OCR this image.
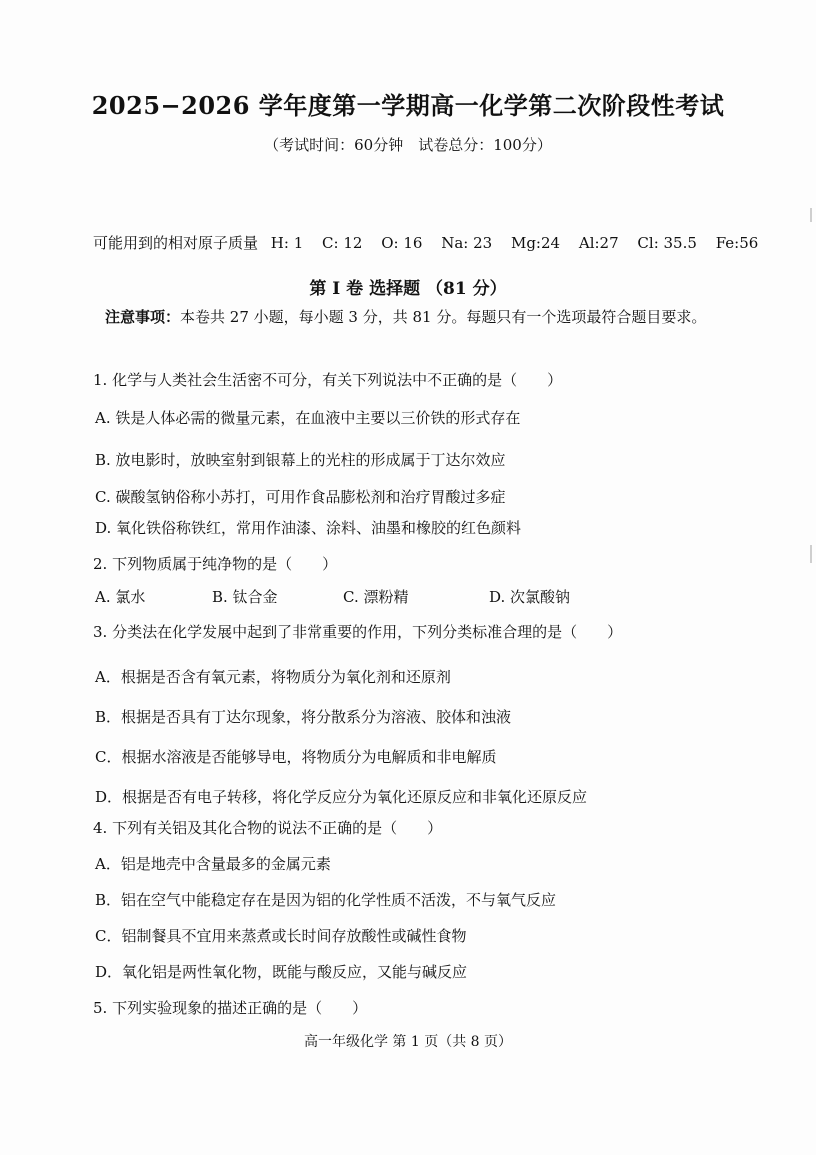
2025−2026 学年度第一学期高一化学第二次阶段性考试
（考试时间：60分钟　试卷总分：100分）
可能用到的相对原子质量 H: 1 C: 12 O: 16 Na: 23 Mg:24 Al:27 Cl: 35.5 Fe:56
第 I 卷 选择题 （81 分）
注意事项：本卷共 27 小题，每小题 3 分，共 81 分。每题只有一个选项最符合题目要求。
1. 化学与人类社会生活密不可分，有关下列说法中不正确的是（　　）
A. 铁是人体必需的微量元素，在血液中主要以三价铁的形式存在
B. 放电影时，放映室射到银幕上的光柱的形成属于丁达尔效应
C. 碳酸氢钠俗称小苏打，可用作食品膨松剂和治疗胃酸过多症
D. 氧化铁俗称铁红，常用作油漆、涂料、油墨和橡胶的红色颜料
2. 下列物质属于纯净物的是（　　）
A. 氯水	B. 钛合金	C. 漂粉精	D. 次氯酸钠
3. 分类法在化学发展中起到了非常重要的作用，下列分类标准合理的是（　　）
A．根据是否含有氧元素，将物质分为氧化剂和还原剂
B．根据是否具有丁达尔现象，将分散系分为溶液、胶体和浊液
C．根据水溶液是否能够导电，将物质分为电解质和非电解质
D．根据是否有电子转移，将化学反应分为氧化还原反应和非氧化还原反应
4. 下列有关铝及其化合物的说法不正确的是（　　）
A．铝是地壳中含量最多的金属元素
B．铝在空气中能稳定存在是因为铝的化学性质不活泼，不与氧气反应
C．铝制餐具不宜用来蒸煮或长时间存放酸性或碱性食物
D．氧化铝是两性氧化物，既能与酸反应，又能与碱反应
5. 下列实验现象的描述正确的是（　　）
高一年级化学 第 1 页（共 8 页）
